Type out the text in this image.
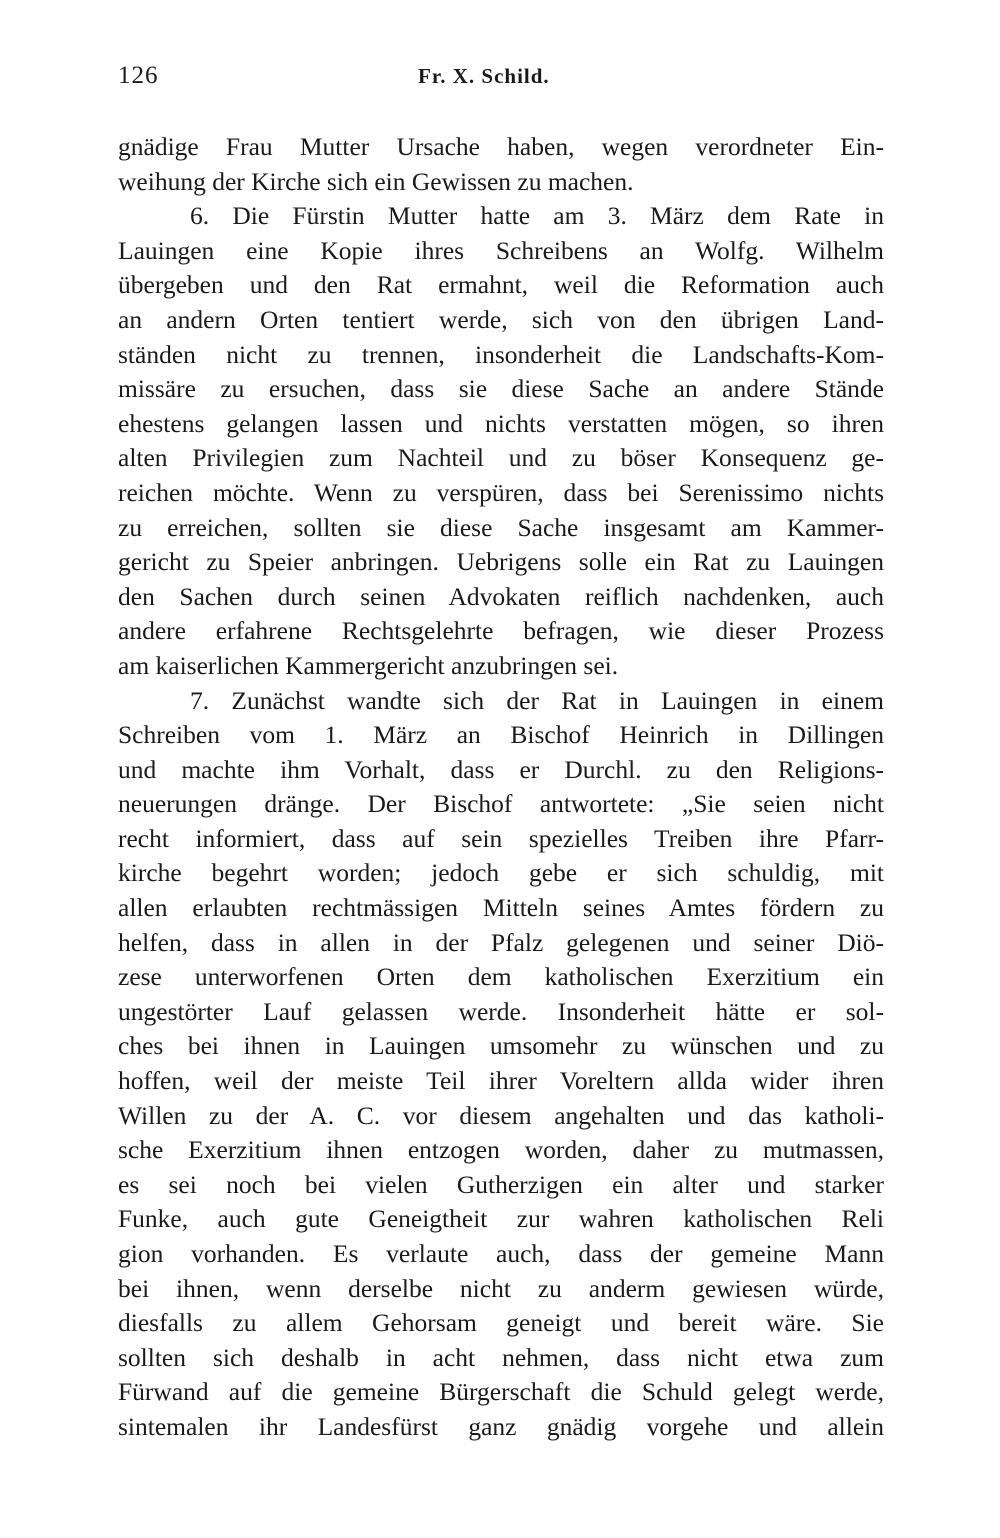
126	Fr. X. Schild.
gnädige Frau Mutter Ursache haben, wegen verordneter Ein-
weihung der Kirche sich ein Gewissen zu machen.
6. Die Fürstin Mutter hatte am 3. März dem Rate in
Lauingen eine Kopie ihres Schreibens an Wolfg. Wilhelm
übergeben und den Rat ermahnt, weil die Reformation auch
an andern Orten tentiert werde, sich von den übrigen Land-
ständen nicht zu trennen, insonderheit die Landschafts-Kom-
missäre zu ersuchen, dass sie diese Sache an andere Stände
ehestens gelangen lassen und nichts verstatten mögen, so ihren
alten Privilegien zum Nachteil und zu böser Konsequenz ge-
reichen möchte. Wenn zu verspüren, dass bei Serenissimo nichts
zu erreichen, sollten sie diese Sache insgesamt am Kammer-
gericht zu Speier anbringen. Uebrigens solle ein Rat zu Lauingen
den Sachen durch seinen Advokaten reiflich nachdenken, auch
andere erfahrene Rechtsgelehrte befragen, wie dieser Prozess
am kaiserlichen Kammergericht anzubringen sei.
7. Zunächst wandte sich der Rat in Lauingen in einem
Schreiben vom 1. März an Bischof Heinrich in Dillingen
und machte ihm Vorhalt, dass er Durchl. zu den Religions-
neuerungen dränge. Der Bischof antwortete: „Sie seien nicht
recht informiert, dass auf sein spezielles Treiben ihre Pfarr-
kirche begehrt worden; jedoch gebe er sich schuldig, mit
allen erlaubten rechtmässigen Mitteln seines Amtes fördern zu
helfen, dass in allen in der Pfalz gelegenen und seiner Diö-
zese unterworfenen Orten dem katholischen Exerzitium ein
ungestörter Lauf gelassen werde. Insonderheit hätte er sol-
ches bei ihnen in Lauingen umsomehr zu wünschen und zu
hoffen, weil der meiste Teil ihrer Voreltern allda wider ihren
Willen zu der A. C. vor diesem angehalten und das katholi-
sche Exerzitium ihnen entzogen worden, daher zu mutmassen,
es sei noch bei vielen Gutherzigen ein alter und starker
Funke, auch gute Geneigtheit zur wahren katholischen Reli
gion vorhanden. Es verlaute auch, dass der gemeine Mann
bei ihnen, wenn derselbe nicht zu anderm gewiesen würde,
diesfalls zu allem Gehorsam geneigt und bereit wäre. Sie
sollten sich deshalb in acht nehmen, dass nicht etwa zum
Fürwand auf die gemeine Bürgerschaft die Schuld gelegt werde,
sintemalen ihr Landesfürst ganz gnädig vorgehe und allein
